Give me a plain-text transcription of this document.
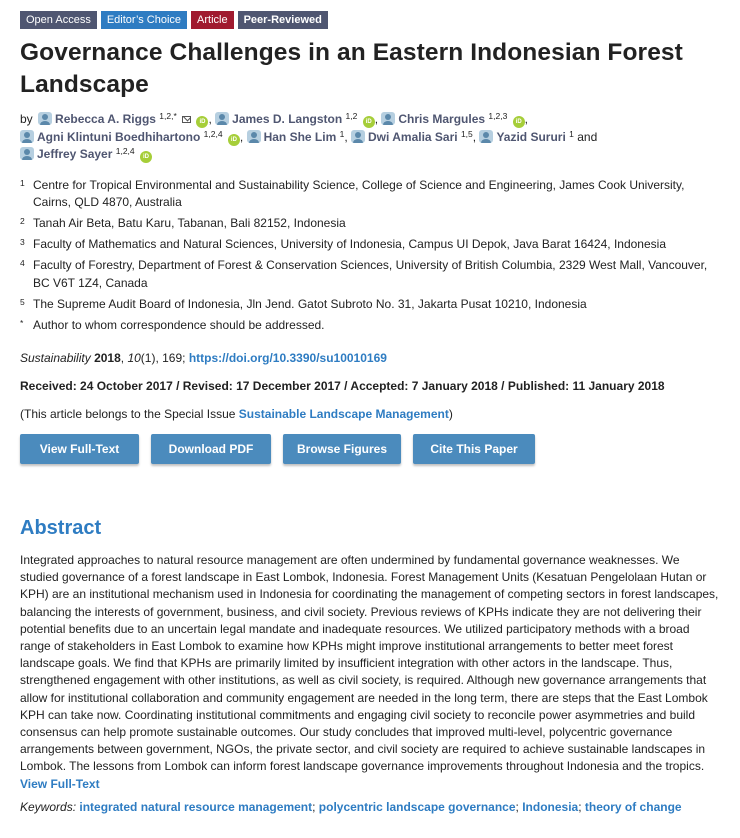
Open Access	Editor’s Choice	Article	Peer-Reviewed
Governance Challenges in an Eastern Indonesian Forest Landscape
by Rebecca A. Riggs $^{1,2,*}$  iD , James D. Langston $^{1,2}$ iD , Chris Margules $^{1,2,3}$ iD ,
Agni Klintuni Boedhihartono $^{1,2,4}$ iD , Han She Lim $^1$, Dwi Amalia Sari $^{1,5}$, Yazid Sururi $^1$ and
Jeffrey Sayer $^{1,2,4}$ iD
1 Centre for Tropical Environmental and Sustainability Science, College of Science and Engineering, James Cook University, Cairns, QLD 4870, Australia
2 Tanah Air Beta, Batu Karu, Tabanan, Bali 82152, Indonesia
3 Faculty of Mathematics and Natural Sciences, University of Indonesia, Campus UI Depok, Java Barat 16424, Indonesia
4 Faculty of Forestry, Department of Forest & Conservation Sciences, University of British Columbia, 2329 West Mall, Vancouver, BC V6T 1Z4, Canada
5 The Supreme Audit Board of Indonesia, Jln Jend. Gatot Subroto No. 31, Jakarta Pusat 10210, Indonesia
* Author to whom correspondence should be addressed.
Sustainability 2018, 10(1), 169; https://doi.org/10.3390/su10010169
Received: 24 October 2017 / Revised: 17 December 2017 / Accepted: 7 January 2018 / Published: 11 January 2018
(This article belongs to the Special Issue Sustainable Landscape Management)
View Full-Text	Download PDF	Browse Figures	Cite This Paper
Abstract
Integrated approaches to natural resource management are often undermined by fundamental governance weaknesses. We studied governance of a forest landscape in East Lombok, Indonesia. Forest Management Units (Kesatuan Pengelolaan Hutan or KPH) are an institutional mechanism used in Indonesia for coordinating the management of competing sectors in forest landscapes, balancing the interests of government, business, and civil society. Previous reviews of KPHs indicate they are not delivering their potential benefits due to an uncertain legal mandate and inadequate resources. We utilized participatory methods with a broad range of stakeholders in East Lombok to examine how KPHs might improve institutional arrangements to better meet forest landscape goals. We find that KPHs are primarily limited by insufficient integration with other actors in the landscape. Thus, strengthened engagement with other institutions, as well as civil society, is required. Although new governance arrangements that allow for institutional collaboration and community engagement are needed in the long term, there are steps that the East Lombok KPH can take now. Coordinating institutional commitments and engaging civil society to reconcile power asymmetries and build consensus can help promote sustainable outcomes. Our study concludes that improved multi-level, polycentric governance arrangements between government, NGOs, the private sector, and civil society are required to achieve sustainable landscapes in Lombok. The lessons from Lombok can inform forest landscape governance improvements throughout Indonesia and the tropics. View Full-Text
Keywords: integrated natural resource management; polycentric landscape governance; Indonesia; theory of change
